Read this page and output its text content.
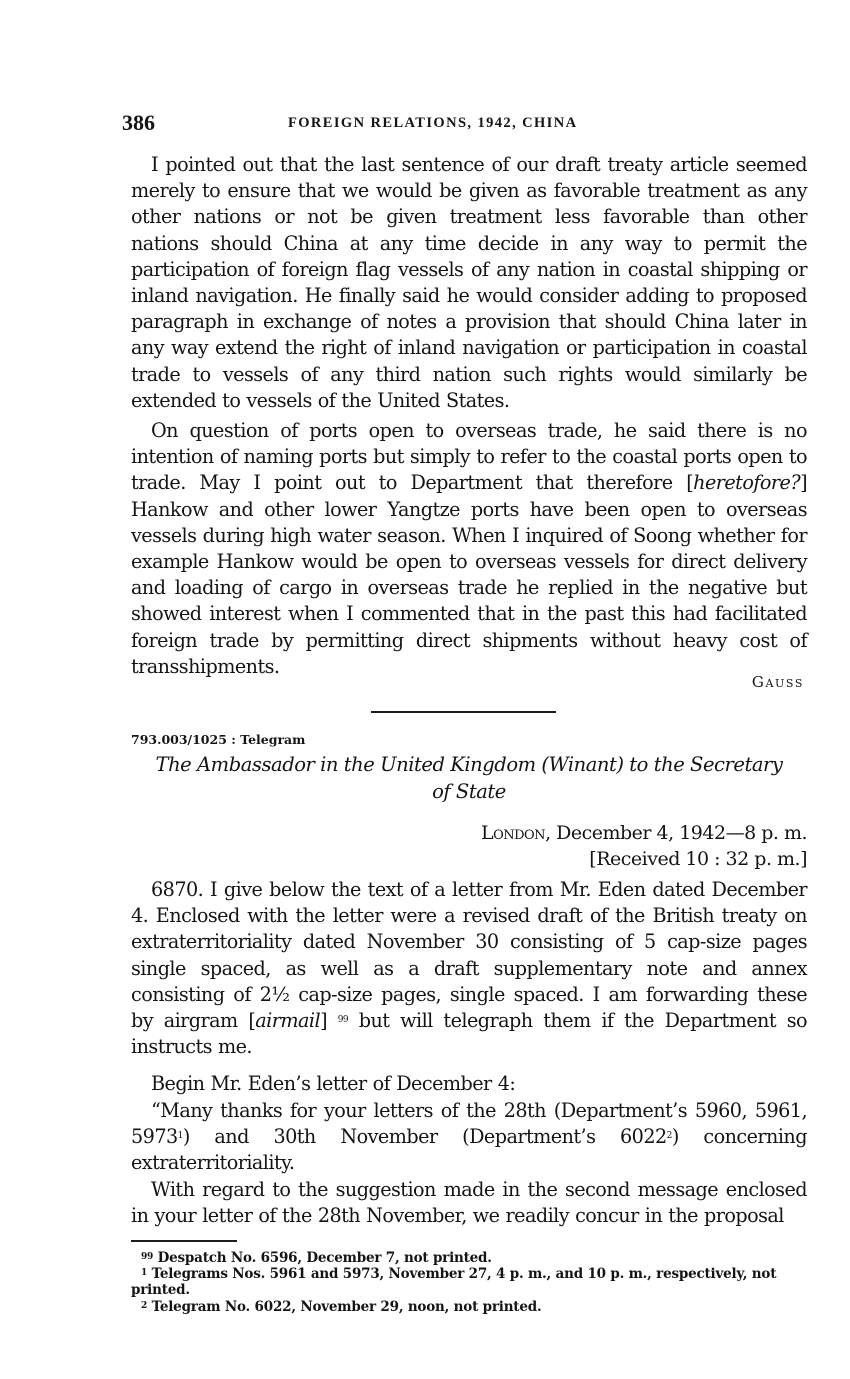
386	FOREIGN RELATIONS, 1942, CHINA

I pointed out that the last sentence of our draft treaty article seemed merely to ensure that we would be given as favorable treatment as any other nations or not be given treatment less favorable than other nations should China at any time decide in any way to permit the participation of foreign flag vessels of any nation in coastal shipping or inland navigation. He finally said he would consider adding to proposed paragraph in exchange of notes a provision that should China later in any way extend the right of inland navigation or participation in coastal trade to vessels of any third nation such rights would similarly be extended to vessels of the United States.

On question of ports open to overseas trade, he said there is no intention of naming ports but simply to refer to the coastal ports open to trade. May I point out to Department that therefore [heretofore?] Hankow and other lower Yangtze ports have been open to overseas vessels during high water season. When I inquired of Soong whether for example Hankow would be open to overseas vessels for direct delivery and loading of cargo in overseas trade he replied in the negative but showed interest when I commented that in the past this had facilitated foreign trade by permitting direct shipments without heavy cost of transshipments.

Gauss
793.003/1025 : Telegram
The Ambassador in the United Kingdom (Winant) to the Secretary
of State
London, December 4, 1942—8 p. m.
[Received 10 : 32 p. m.]

6870. I give below the text of a letter from Mr. Eden dated December 4. Enclosed with the letter were a revised draft of the British treaty on extraterritoriality dated November 30 consisting of 5 cap-size pages single spaced, as well as a draft supplementary note and annex consisting of 2½ cap-size pages, single spaced. I am forwarding these by airgram [airmail] $^{99}$ but will telegraph them if the Department so instructs me.

Begin Mr. Eden’s letter of December 4:

“Many thanks for your letters of the 28th (Department’s 5960, 5961, 5973$^1$) and 30th November (Department’s 6022$^2$) concerning extraterritoriality.

With regard to the suggestion made in the second message enclosed in your letter of the 28th November, we readily concur in the proposal

$^{99}$ Despatch No. 6596, December 7, not printed.
$^1$ Telegrams Nos. 5961 and 5973, November 27, 4 p. m., and 10 p. m., respectively, not printed.
$^2$ Telegram No. 6022, November 29, noon, not printed.
